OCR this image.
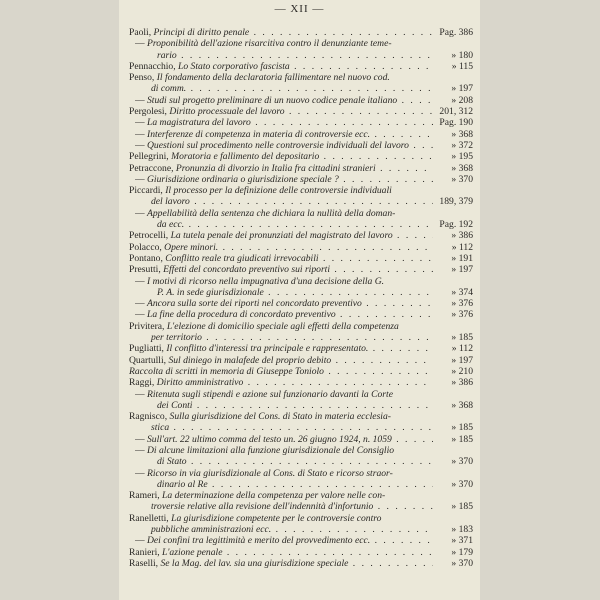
— XII —
Paoli, Principi di diritto penale . . .	Pag. 386
— Proponibilità dell'azione risarcitiva contro il denunziante teme-
rario . . .	» 180
Pennacchio, Lo Stato corporativo fascista . . .	» 115
Penso, Il fondamento della declaratoria fallimentare nel nuovo cod.
di comm. . . .	» 197
— Studi sul progetto preliminare di un nuovo codice penale italiano . . .	» 208
Pergolesi, Diritto processuale del lavoro . . .	201, 312
— La magistratura del lavoro . . .	Pag. 190
— Interferenze di competenza in materia di controversie ecc. . . .	» 368
— Questioni sul procedimento nelle controversie individuali del lavoro . . .	» 372
Pellegrini, Moratoria e fallimento del depositario . . .	» 195
Petraccone, Pronunzia di divorzio in Italia fra cittadini stranieri . . .	» 368
— Giurisdizione ordinaria o giurisdizione speciale ? . . .	» 370
Piccardi, Il processo per la definizione delle controversie individuali
del lavoro . . .	189, 379
— Appellabilità della sentenza che dichiara la nullità della doman-
da ecc. . . .	Pag. 192
Petrocelli, La tutela penale dei pronunziati del magistrato del lavoro . . .	» 386
Polacco, Opere minori. . . .	» 112
Pontano, Conflitto reale tra giudicati irrevocabili . . .	» 191
Presutti, Effetti del concordato preventivo sui riporti . . .	» 197
— I motivi di ricorso nella impugnativa d'una decisione della G.
P. A. in sede giurisdizionale . . .	» 374
— Ancora sulla sorte dei riporti nel concordato preventivo . . .	» 376
— La fine della procedura di concordato preventivo . . .	» 376
Privitera, L'elezione di domicilio speciale agli effetti della competenza
per territorio . . .	» 185
Pugliatti, Il conflitto d'interessi tra principale e rappresentato. . . .	» 112
Quartulli, Sul diniego in malafede del proprio debito . . .	» 197
Raccolta di scritti in memoria di Giuseppe Toniolo . . .	» 210
Raggi, Diritto amministrativo . . .	» 386
— Ritenuta sugli stipendi e azione sul funzionario davanti la Corte
dei Conti . . .	» 368
Ragnisco, Sulla giurisdizione del Cons. di Stato in materia ecclesia-
stica . . .	» 185
— Sull'art. 22 ultimo comma del testo un. 26 giugno 1924, n. 1059 . . .	» 185
— Di alcune limitazioni alla funzione giurisdizionale del Consiglio
di Stato . . .	» 370
— Ricorso in via giurisdizionale al Cons. di Stato e ricorso straor-
dinario al Re . . .	» 370
Rameri, La determinazione della competenza per valore nelle con-
troversie relative alla revisione dell'indennità d'infortunio . . .	» 185
Ranelletti, La giurisdizione competente per le controversie contro
pubbliche amministrazioni ecc. . . .	» 183
— Dei confini tra legittimità e merito del provvedimento ecc. . . .	» 371
Ranieri, L'azione penale . . .	» 179
Raselli, Se la Mag. del lav. sia una giurisdizione speciale . . .	» 370
